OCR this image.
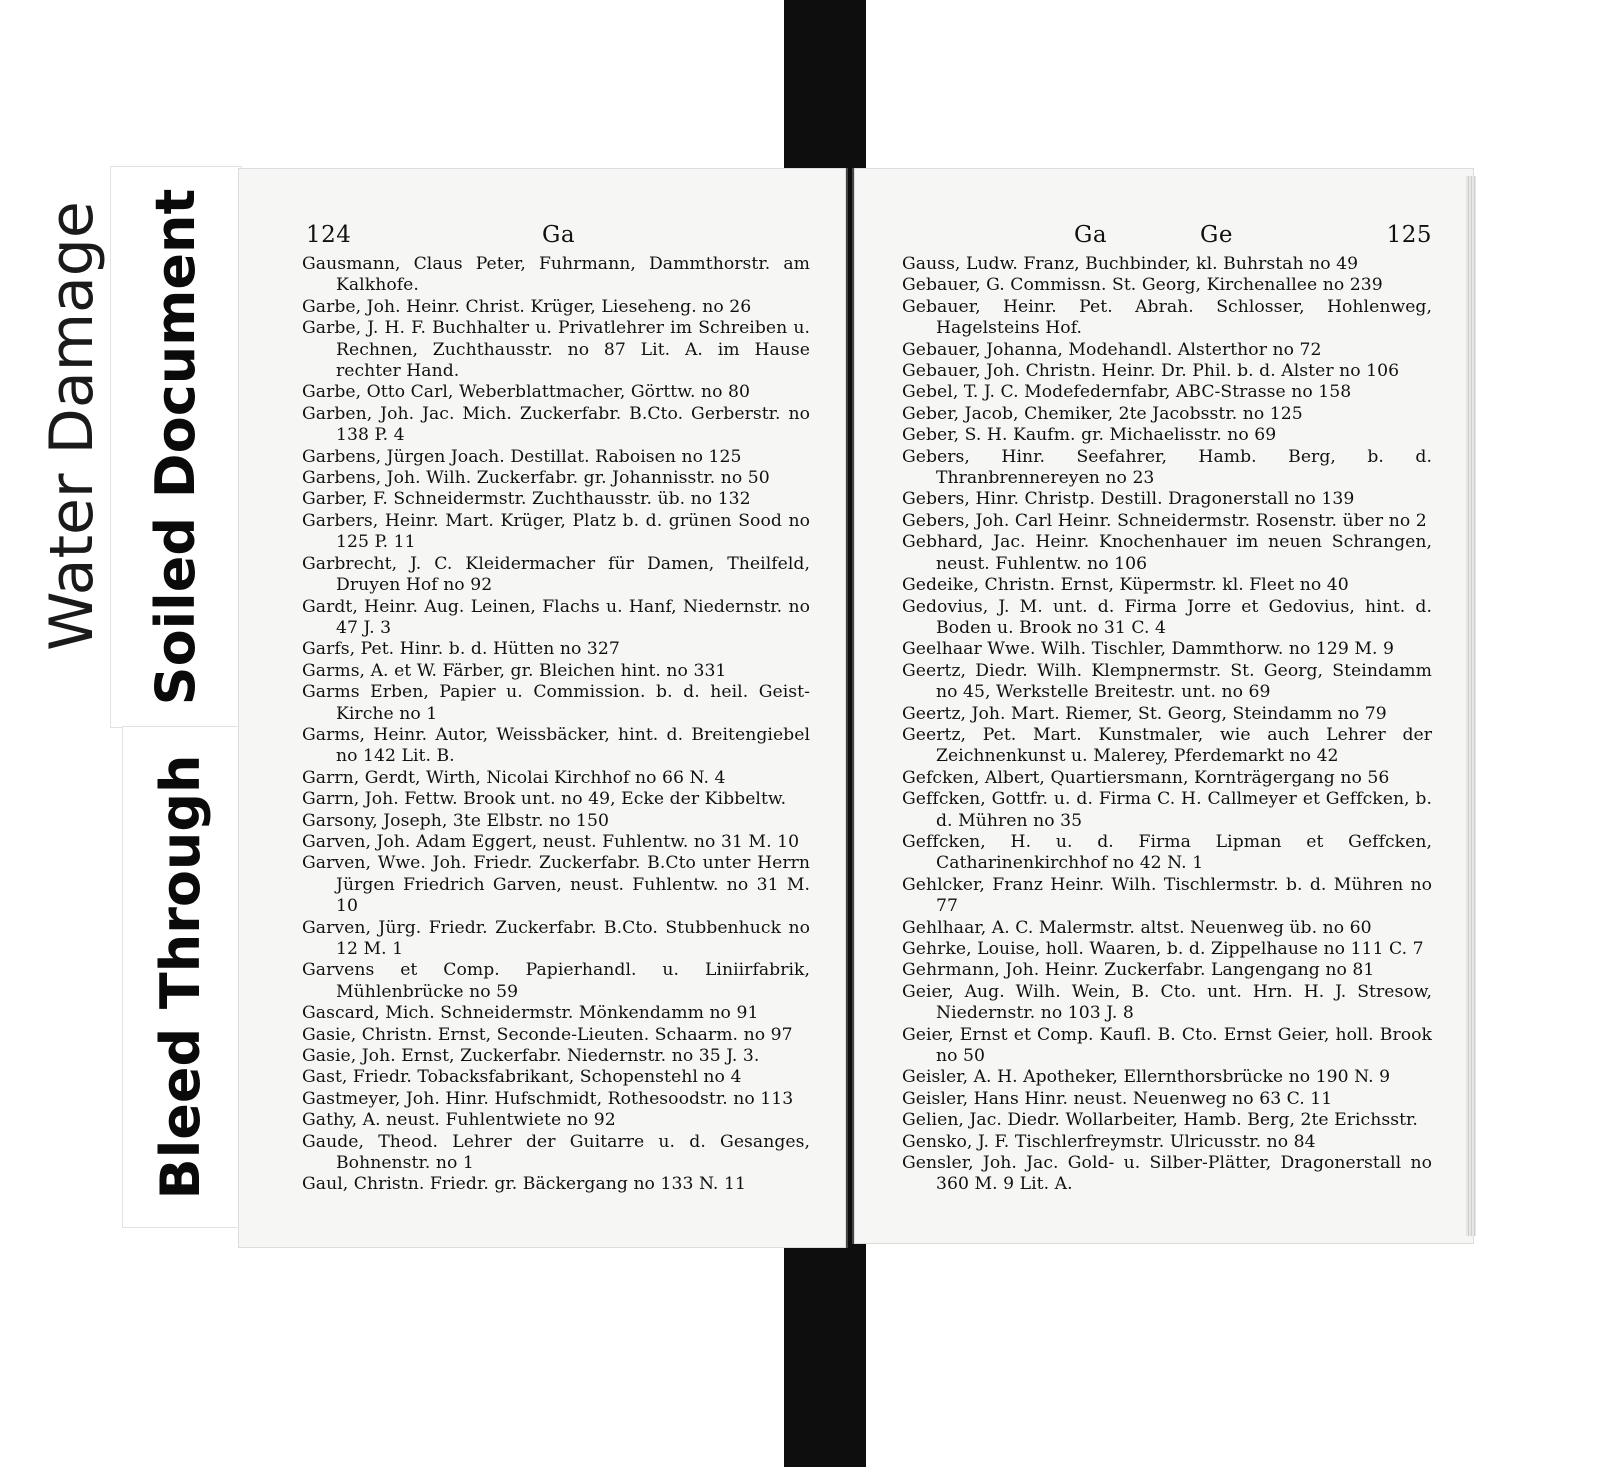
Water Damage Soiled Document
Bleed Through
124	Ga
Gausmann, Claus Peter, Fuhrmann, Dammthorstr. am Kalkhofe.
Garbe, Joh. Heinr. Christ. Krüger, Lieseheng. no 26
Garbe, J. H. F. Buchhalter u. Privatlehrer im Schreiben u. Rechnen, Zuchthausstr. no 87 Lit. A. im Hause rechter Hand.
Garbe, Otto Carl, Weberblattmacher, Görttw. no 80
Garben, Joh. Jac. Mich. Zuckerfabr. B.Cto. Gerberstr. no 138 P. 4
Garbens, Jürgen Joach. Destillat. Raboisen no 125
Garbens, Joh. Wilh. Zuckerfabr. gr. Johannisstr. no 50
Garber, F. Schneidermstr. Zuchthausstr. üb. no 132
Garbers, Heinr. Mart. Krüger, Platz b. d. grünen Sood no 125 P. 11
Garbrecht, J. C. Kleidermacher für Damen, Theilfeld, Druyen Hof no 92
Gardt, Heinr. Aug. Leinen, Flachs u. Hanf, Niedernstr. no 47 J. 3
Garfs, Pet. Hinr. b. d. Hütten no 327
Garms, A. et W. Färber, gr. Bleichen hint. no 331
Garms Erben, Papier u. Commission. b. d. heil. Geist-Kirche no 1
Garms, Heinr. Autor, Weissbäcker, hint. d. Breitengiebel no 142 Lit. B.
Garrn, Gerdt, Wirth, Nicolai Kirchhof no 66 N. 4
Garrn, Joh. Fettw. Brook unt. no 49, Ecke der Kibbeltw.
Garsony, Joseph, 3te Elbstr. no 150
Garven, Joh. Adam Eggert, neust. Fuhlentw. no 31 M. 10
Garven, Wwe. Joh. Friedr. Zuckerfabr. B.Cto unter Herrn Jürgen Friedrich Garven, neust. Fuhlentw. no 31 M. 10
Garven, Jürg. Friedr. Zuckerfabr. B.Cto. Stubbenhuck no 12 M. 1
Garvens et Comp. Papierhandl. u. Liniirfabrik, Mühlenbrücke no 59
Gascard, Mich. Schneidermstr. Mönkendamm no 91
Gasie, Christn. Ernst, Seconde-Lieuten. Schaarm. no 97
Gasie, Joh. Ernst, Zuckerfabr. Niedernstr. no 35 J. 3.
Gast, Friedr. Tobacksfabrikant, Schopenstehl no 4
Gastmeyer, Joh. Hinr. Hufschmidt, Rothesoodstr. no 113
Gathy, A. neust. Fuhlentwiete no 92
Gaude, Theod. Lehrer der Guitarre u. d. Gesanges, Bohnenstr. no 1
Gaul, Christn. Friedr. gr. Bäckergang no 133 N. 11
Ga	Ge	125
Gauss, Ludw. Franz, Buchbinder, kl. Buhrstah no 49
Gebauer, G. Commissn. St. Georg, Kirchenallee no 239
Gebauer, Heinr. Pet. Abrah. Schlosser, Hohlenweg, Hagelsteins Hof.
Gebauer, Johanna, Modehandl. Alsterthor no 72
Gebauer, Joh. Christn. Heinr. Dr. Phil. b. d. Alster no 106
Gebel, T. J. C. Modefedernfabr, ABC-Strasse no 158
Geber, Jacob, Chemiker, 2te Jacobsstr. no 125
Geber, S. H. Kaufm. gr. Michaelisstr. no 69
Gebers, Hinr. Seefahrer, Hamb. Berg, b. d. Thranbrennereyen no 23
Gebers, Hinr. Christp. Destill. Dragonerstall no 139
Gebers, Joh. Carl Heinr. Schneidermstr. Rosenstr. über no 2
Gebhard, Jac. Heinr. Knochenhauer im neuen Schrangen, neust. Fuhlentw. no 106
Gedeike, Christn. Ernst, Küpermstr. kl. Fleet no 40
Gedovius, J. M. unt. d. Firma Jorre et Gedovius, hint. d. Boden u. Brook no 31 C. 4
Geelhaar Wwe. Wilh. Tischler, Dammthorw. no 129 M. 9
Geertz, Diedr. Wilh. Klempnermstr. St. Georg, Steindamm no 45, Werkstelle Breitestr. unt. no 69
Geertz, Joh. Mart. Riemer, St. Georg, Steindamm no 79
Geertz, Pet. Mart. Kunstmaler, wie auch Lehrer der Zeichnenkunst u. Malerey, Pferdemarkt no 42
Gefcken, Albert, Quartiersmann, Kornträgergang no 56
Geffcken, Gottfr. u. d. Firma C. H. Callmeyer et Geffcken, b. d. Mühren no 35
Geffcken, H. u. d. Firma Lipman et Geffcken, Catharinenkirchhof no 42 N. 1
Gehlcker, Franz Heinr. Wilh. Tischlermstr. b. d. Mühren no 77
Gehlhaar, A. C. Malermstr. altst. Neuenweg üb. no 60
Gehrke, Louise, holl. Waaren, b. d. Zippelhause no 111 C. 7
Gehrmann, Joh. Heinr. Zuckerfabr. Langengang no 81
Geier, Aug. Wilh. Wein, B. Cto. unt. Hrn. H. J. Stresow, Niedernstr. no 103 J. 8
Geier, Ernst et Comp. Kaufl. B. Cto. Ernst Geier, holl. Brook no 50
Geisler, A. H. Apotheker, Ellernthorsbrücke no 190 N. 9
Geisler, Hans Hinr. neust. Neuenweg no 63 C. 11
Gelien, Jac. Diedr. Wollarbeiter, Hamb. Berg, 2te Erichsstr.
Gensko, J. F. Tischlerfreymstr. Ulricusstr. no 84
Gensler, Joh. Jac. Gold- u. Silber-Plätter, Dragonerstall no 360 M. 9 Lit. A.
